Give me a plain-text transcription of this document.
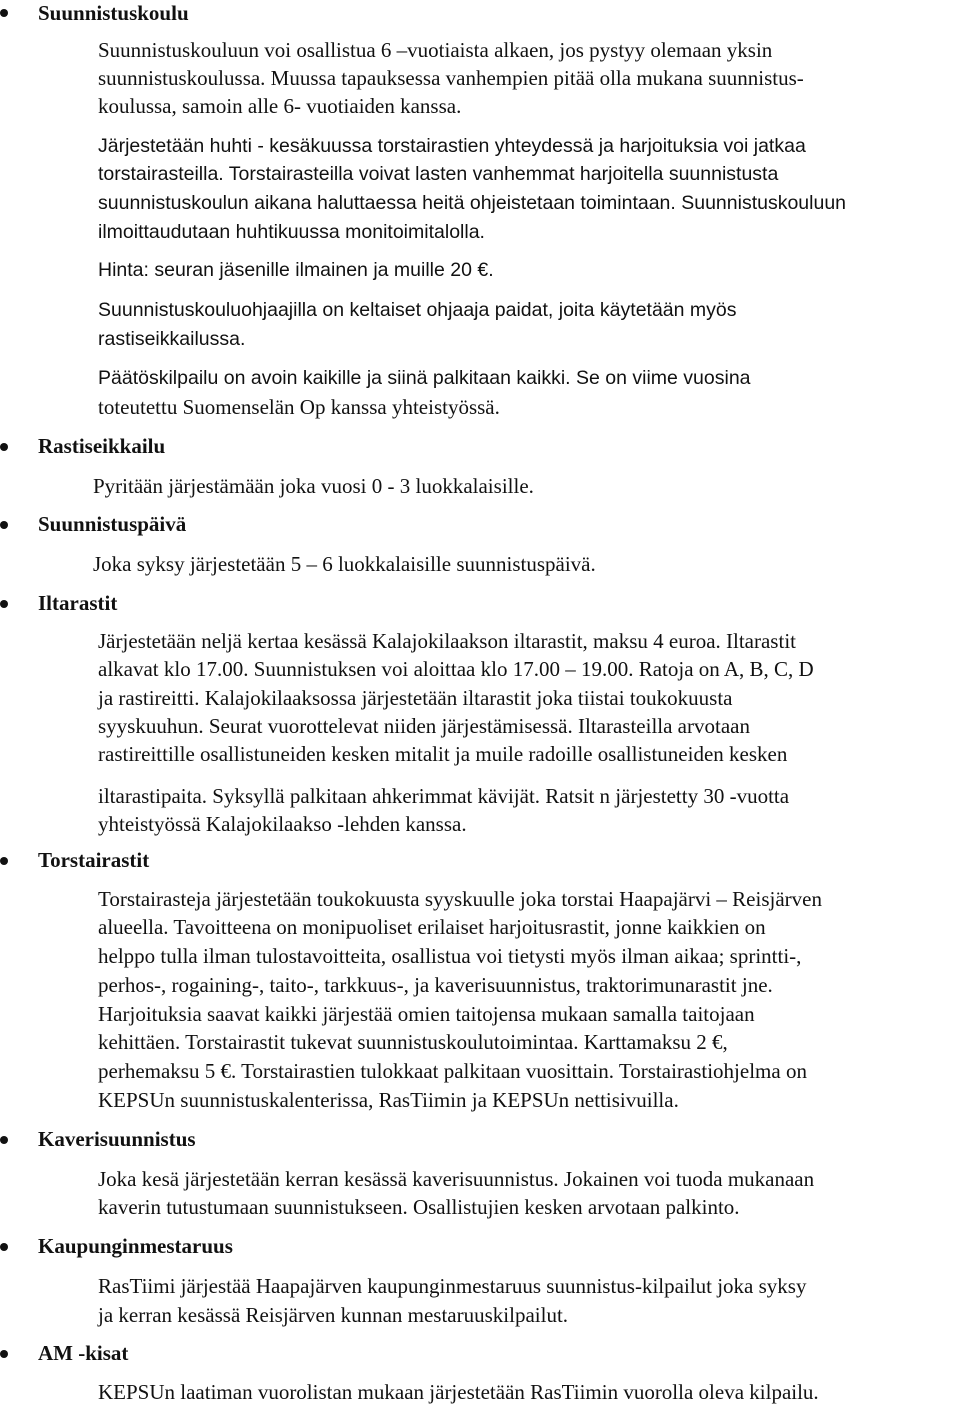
Suunnistuskoulu
Suunnistuskouluun voi osallistua 6 –vuotiaista alkaen, jos pystyy olemaan yksin
suunnistuskoulussa. Muussa tapauksessa vanhempien pitää olla mukana suunnistus-
koulussa, samoin alle 6- vuotiaiden kanssa.
Järjestetään huhti - kesäkuussa torstairastien yhteydessä ja harjoituksia voi jatkaa
torstairasteilla. Torstairasteilla voivat lasten vanhemmat harjoitella suunnistusta
suunnistuskoulun aikana haluttaessa heitä ohjeistetaan toimintaan. Suunnistuskouluun
ilmoittaudutaan huhtikuussa monitoimitalolla.
Hinta: seuran jäsenille ilmainen ja muille 20 €.
Suunnistuskouluohjaajilla on keltaiset ohjaaja paidat, joita käytetään myös
rastiseikkailussa.
Päätöskilpailu on avoin kaikille ja siinä palkitaan kaikki. Se on viime vuosina
toteutettu Suomenselän Op kanssa yhteistyössä.
Rastiseikkailu
Pyritään järjestämään joka vuosi 0 - 3 luokkalaisille.
Suunnistuspäivä
Joka syksy järjestetään 5 – 6 luokkalaisille suunnistuspäivä.
Iltarastit
Järjestetään neljä kertaa kesässä Kalajokilaakson iltarastit, maksu 4 euroa. Iltarastit
alkavat klo 17.00. Suunnistuksen voi aloittaa klo 17.00 – 19.00. Ratoja on A, B, C, D
ja rastireitti. Kalajokilaaksossa järjestetään iltarastit joka tiistai toukokuusta
syyskuuhun. Seurat vuorottelevat niiden järjestämisessä. Iltarasteilla arvotaan
rastireittille osallistuneiden kesken mitalit ja muile radoille osallistuneiden kesken
iltarastipaita. Syksyllä palkitaan ahkerimmat kävijät. Ratsit n järjestetty 30 -vuotta
yhteistyössä Kalajokilaakso -lehden kanssa.
Torstairastit
Torstairasteja järjestetään toukokuusta syyskuulle joka torstai Haapajärvi – Reisjärven
alueella. Tavoitteena on monipuoliset erilaiset harjoitusrastit, jonne kaikkien on
helppo tulla ilman tulostavoitteita, osallistua voi tietysti myös ilman aikaa; sprintti-,
perhos-, rogaining-, taito-, tarkkuus-, ja kaverisuunnistus, traktorimunarastit jne.
Harjoituksia saavat kaikki järjestää omien taitojensa mukaan samalla taitojaan
kehittäen. Torstairastit tukevat suunnistuskoulutoimintaa. Karttamaksu 2 €,
perhemaksu 5 €. Torstairastien tulokkaat palkitaan vuosittain. Torstairastiohjelma on
KEPSUn suunnistuskalenterissa, RasTiimin ja KEPSUn nettisivuilla.
Kaverisuunnistus
Joka kesä järjestetään kerran kesässä kaverisuunnistus. Jokainen voi tuoda mukanaan
kaverin tutustumaan suunnistukseen. Osallistujien kesken arvotaan palkinto.
Kaupunginmestaruus
RasTiimi järjestää Haapajärven kaupunginmestaruus suunnistus-kilpailut joka syksy
ja kerran kesässä Reisjärven kunnan mestaruuskilpailut.
AM -kisat
KEPSUn laatiman vuorolistan mukaan järjestetään RasTiimin vuorolla oleva kilpailu.
